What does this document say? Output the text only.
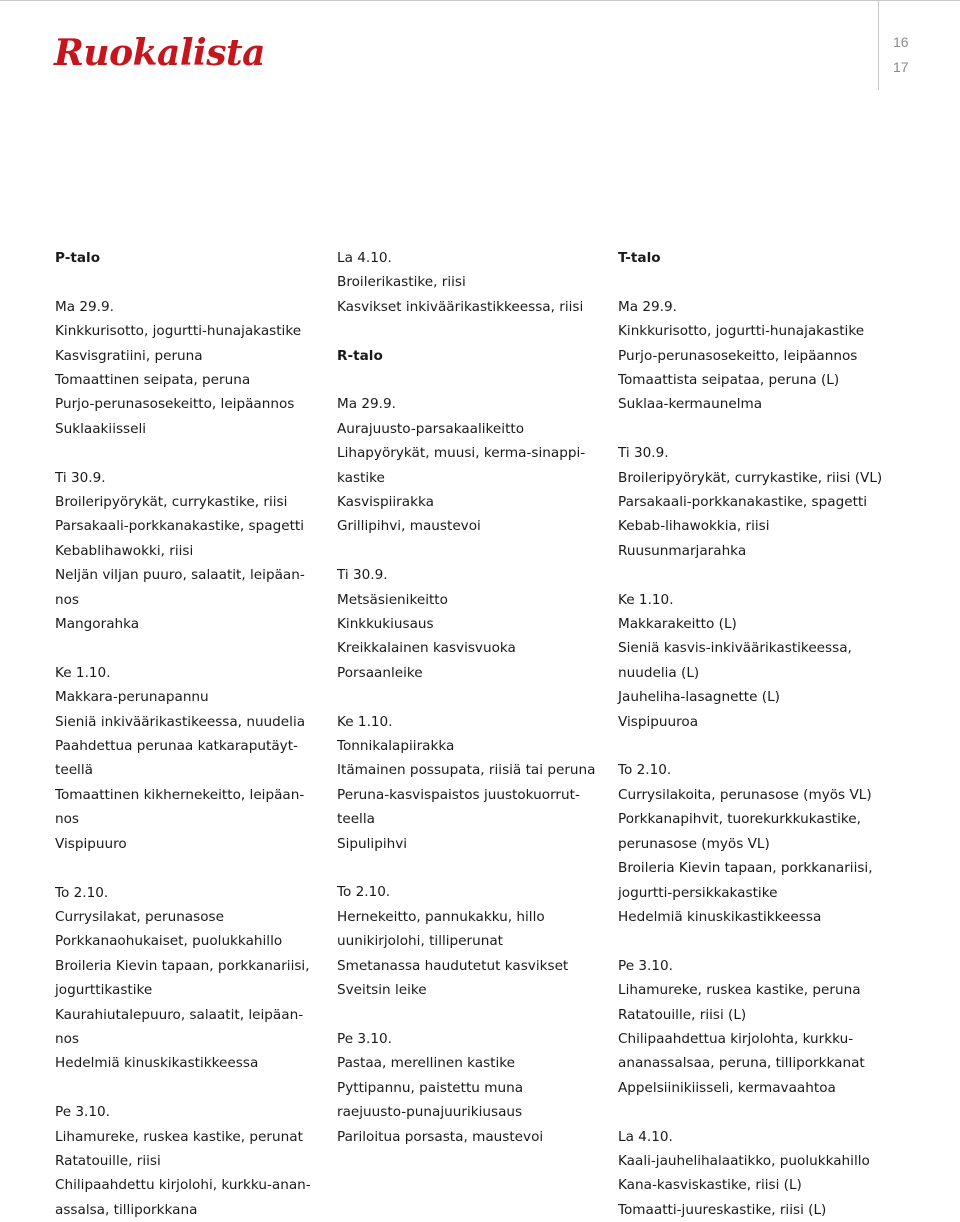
Ruokalista	16
17
P-talo
Ma 29.9.
Kinkkurisotto, jogurtti-hunajakastike
Kasvisgratiini, peruna
Tomaattinen seipata, peruna
Purjo-perunasosekeitto, leipäannos
Suklaakiisseli
Ti 30.9.
Broileripyörykät, currykastike, riisi
Parsakaali-porkkanakastike, spagetti
Kebablihawokki, riisi
Neljän viljan puuro, salaatit, leipäan-
nos
Mangorahka
Ke 1.10.
Makkara-perunapannu
Sieniä inkiväärikastikeessa, nuudelia
Paahdettua perunaa katkaraputäyt-
teellä
Tomaattinen kikhernekeitto, leipäan-
nos
Vispipuuro
To 2.10.
Currysilakat, perunasose
Porkkanaohukaiset, puolukkahillo
Broileria Kievin tapaan, porkkanariisi,
jogurttikastike
Kaurahiutalepuuro, salaatit, leipäan-
nos
Hedelmiä kinuskikastikkeessa
Pe 3.10.
Lihamureke, ruskea kastike, perunat
Ratatouille, riisi
Chilipaahdettu kirjolohi, kurkku-anan-
assalsa, tilliporkkana
La 4.10.
Broilerikastike, riisi
Kasvikset inkiväärikastikkeessa, riisi
R-talo
Ma 29.9.
Aurajuusto-parsakaalikeitto
Lihapyörykät, muusi, kerma-sinappi-
kastike
Kasvispiirakka
Grillipihvi, maustevoi
Ti 30.9.
Metsäsienikeitto
Kinkkukiusaus
Kreikkalainen kasvisvuoka
Porsaanleike
Ke 1.10.
Tonnikalapiirakka
Itämainen possupata, riisiä tai peruna
Peruna-kasvispaistos juustokuorrut-
teella
Sipulipihvi
To 2.10.
Hernekeitto, pannukakku, hillo
uunikirjolohi, tilliperunat
Smetanassa haudutetut kasvikset
Sveitsin leike
Pe 3.10.
Pastaa, merellinen kastike
Pyttipannu, paistettu muna
raejuusto-punajuurikiusaus
Pariloitua porsasta, maustevoi
T-talo
Ma 29.9.
Kinkkurisotto, jogurtti-hunajakastike
Purjo-perunasosekeitto, leipäannos
Tomaattista seipataa, peruna (L)
Suklaa-kermaunelma
Ti 30.9.
Broileripyörykät, currykastike, riisi (VL)
Parsakaali-porkkanakastike, spagetti
Kebab-lihawokkia, riisi
Ruusunmarjarahka
Ke 1.10.
Makkarakeitto (L)
Sieniä kasvis-inkiväärikastikeessa,
nuudelia (L)
Jauheliha-lasagnette (L)
Vispipuuroa
To 2.10.
Currysilakoita, perunasose (myös VL)
Porkkanapihvit, tuorekurkkukastike,
perunasose (myös VL)
Broileria Kievin tapaan, porkkanariisi,
jogurtti-persikkakastike
Hedelmiä kinuskikastikkeessa
Pe 3.10.
Lihamureke, ruskea kastike, peruna
Ratatouille, riisi (L)
Chilipaahdettua kirjolohta, kurkku-
ananassalsaa, peruna, tilliporkkanat
Appelsiinikiisseli, kermavaahtoa
La 4.10.
Kaali-jauhelihalaatikko, puolukkahillo
Kana-kasviskastike, riisi (L)
Tomaatti-juureskastike, riisi (L)
